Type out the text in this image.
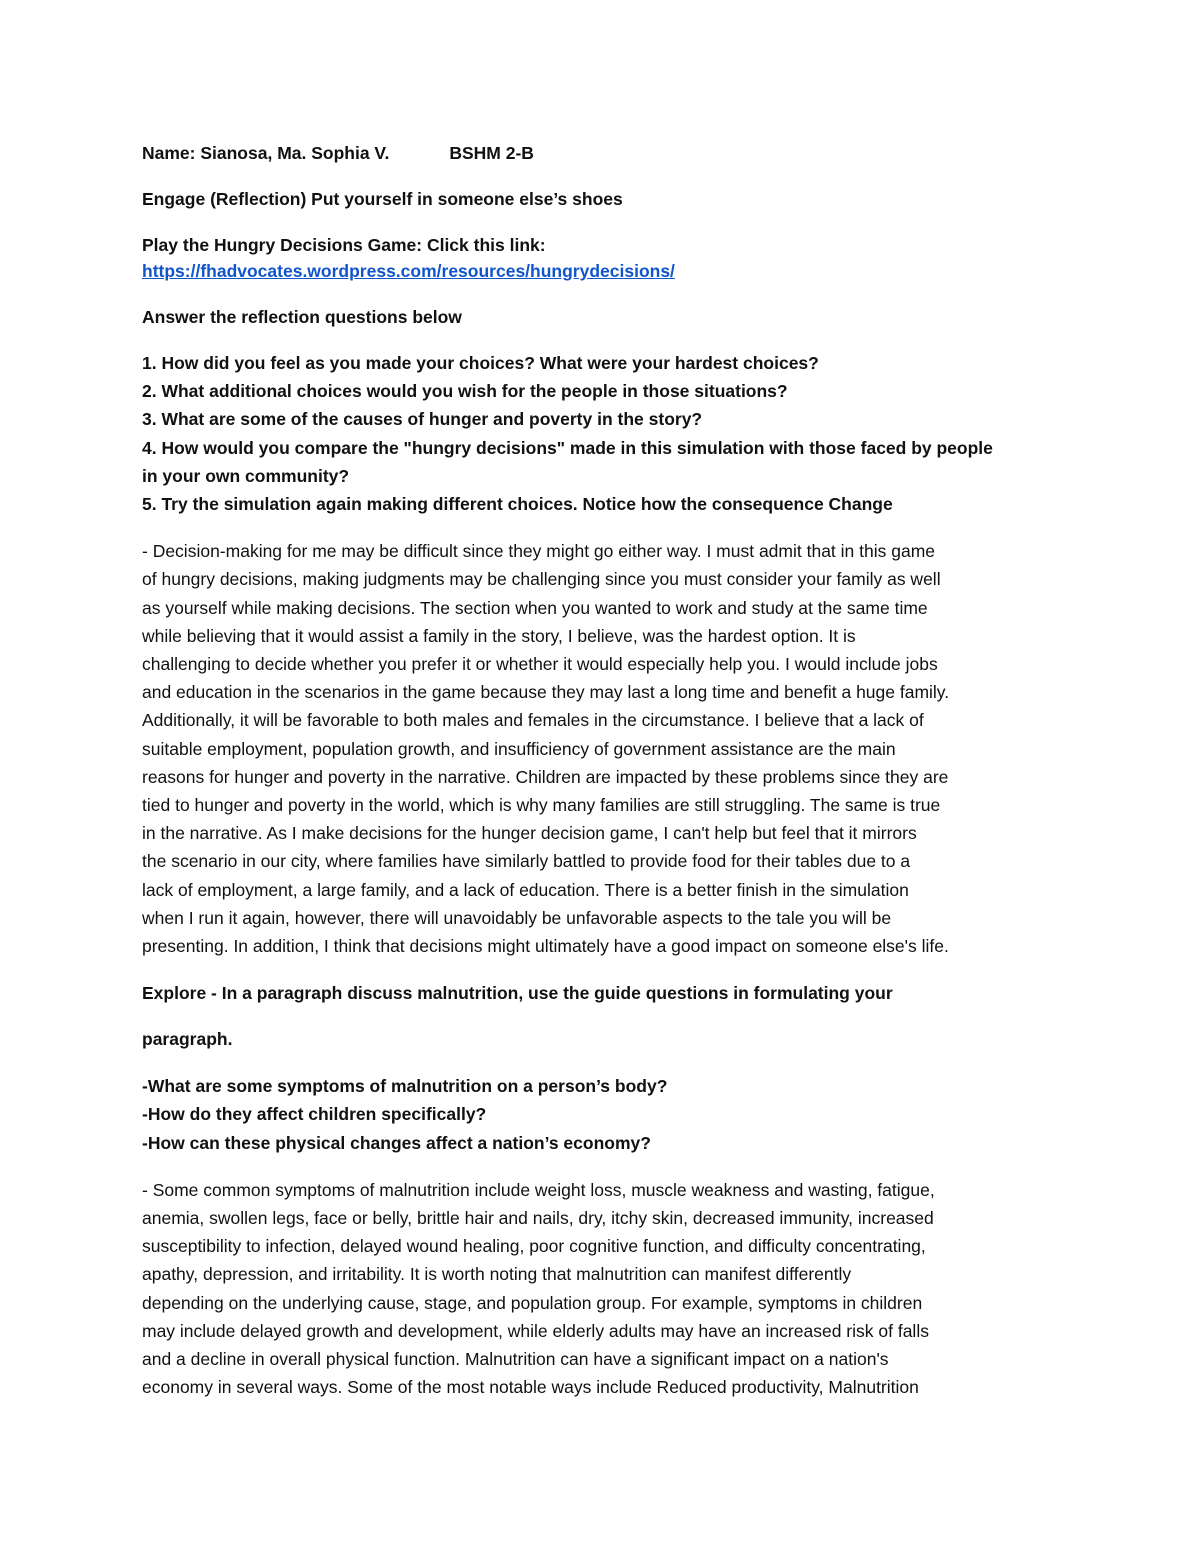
Name: Sianosa, Ma. Sophia V.	BSHM 2-B
Engage (Reflection) Put yourself in someone else’s shoes
Play the Hungry Decisions Game: Click this link:
https://fhadvocates.wordpress.com/resources/hungrydecisions/
Answer the reflection questions below
1. How did you feel as you made your choices? What were your hardest choices?
2. What additional choices would you wish for the people in those situations?
3. What are some of the causes of hunger and poverty in the story?
4. How would you compare the "hungry decisions" made in this simulation with those faced by people
in your own community?
5. Try the simulation again making different choices. Notice how the consequence Change
- Decision-making for me may be difficult since they might go either way. I must admit that in this game
of hungry decisions, making judgments may be challenging since you must consider your family as well
as yourself while making decisions. The section when you wanted to work and study at the same time
while believing that it would assist a family in the story, I believe, was the hardest option. It is
challenging to decide whether you prefer it or whether it would especially help you. I would include jobs
and education in the scenarios in the game because they may last a long time and benefit a huge family.
Additionally, it will be favorable to both males and females in the circumstance. I believe that a lack of
suitable employment, population growth, and insufficiency of government assistance are the main
reasons for hunger and poverty in the narrative. Children are impacted by these problems since they are
tied to hunger and poverty in the world, which is why many families are still struggling. The same is true
in the narrative. As I make decisions for the hunger decision game, I can't help but feel that it mirrors
the scenario in our city, where families have similarly battled to provide food for their tables due to a
lack of employment, a large family, and a lack of education. There is a better finish in the simulation
when I run it again, however, there will unavoidably be unfavorable aspects to the tale you will be
presenting. In addition, I think that decisions might ultimately have a good impact on someone else's life.
Explore - In a paragraph discuss malnutrition, use the guide questions in formulating your
paragraph.
-What are some symptoms of malnutrition on a person’s body?
-How do they affect children specifically?
-How can these physical changes affect a nation’s economy?
- Some common symptoms of malnutrition include weight loss, muscle weakness and wasting, fatigue,
anemia, swollen legs, face or belly, brittle hair and nails, dry, itchy skin, decreased immunity, increased
susceptibility to infection, delayed wound healing, poor cognitive function, and difficulty concentrating,
apathy, depression, and irritability. It is worth noting that malnutrition can manifest differently
depending on the underlying cause, stage, and population group. For example, symptoms in children
may include delayed growth and development, while elderly adults may have an increased risk of falls
and a decline in overall physical function. Malnutrition can have a significant impact on a nation's
economy in several ways. Some of the most notable ways include Reduced productivity, Malnutrition
